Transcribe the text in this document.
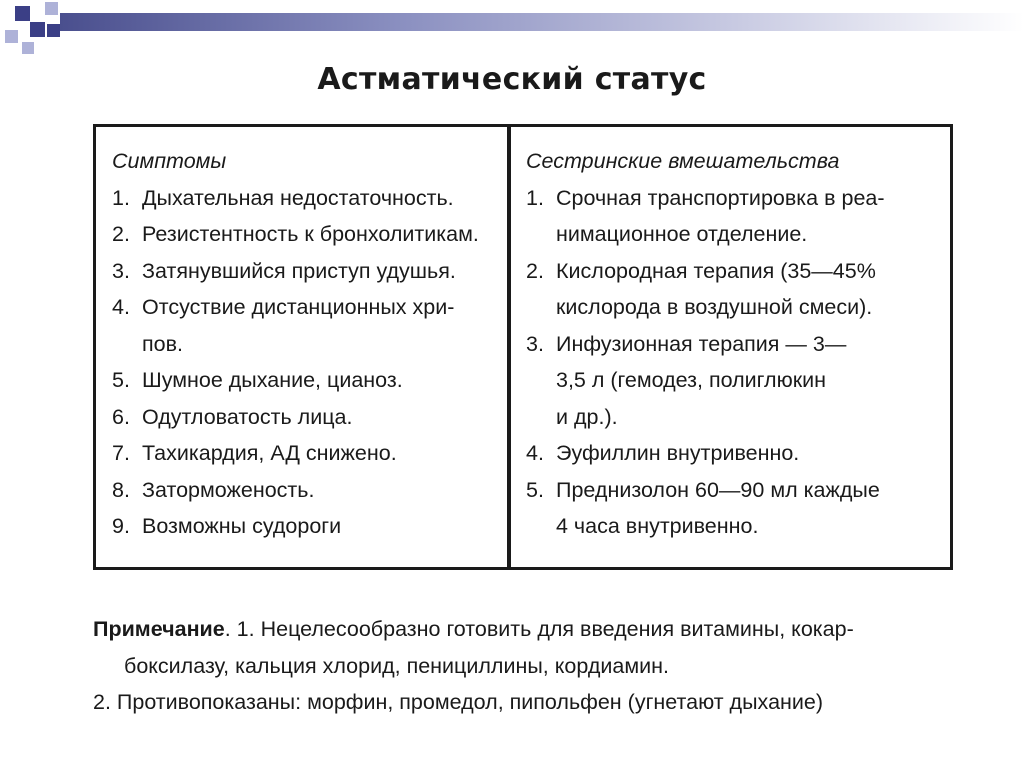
Астматический статус
Симптомы
1. Дыхательная недостаточность.
2. Резистентность к бронхолитикам.
3. Затянувшийся приступ удушья.
4. Отсуствие дистанционных хри-
пов.
5. Шумное дыхание, цианоз.
6. Одутловатость лица.
7. Тахикардия, АД снижено.
8. Заторможеность.
9. Возможны судороги
Сестринские вмешательства
1. Срочная транспортировка в реа-
нимационное отделение.
2. Кислородная терапия (35—45%
кислорода в воздушной смеси).
3. Инфузионная терапия — 3—
3,5 л (гемодез, полиглюкин
и др.).
4. Эуфиллин внутривенно.
5. Преднизолон 60—90 мл каждые
4 часа внутривенно.
Примечание. 1. Нецелесообразно готовить для введения витамины, кокар-
боксилазу, кальция хлорид, пенициллины, кордиамин.
2. Противопоказаны: морфин, промедол, пипольфен (угнетают дыхание)
